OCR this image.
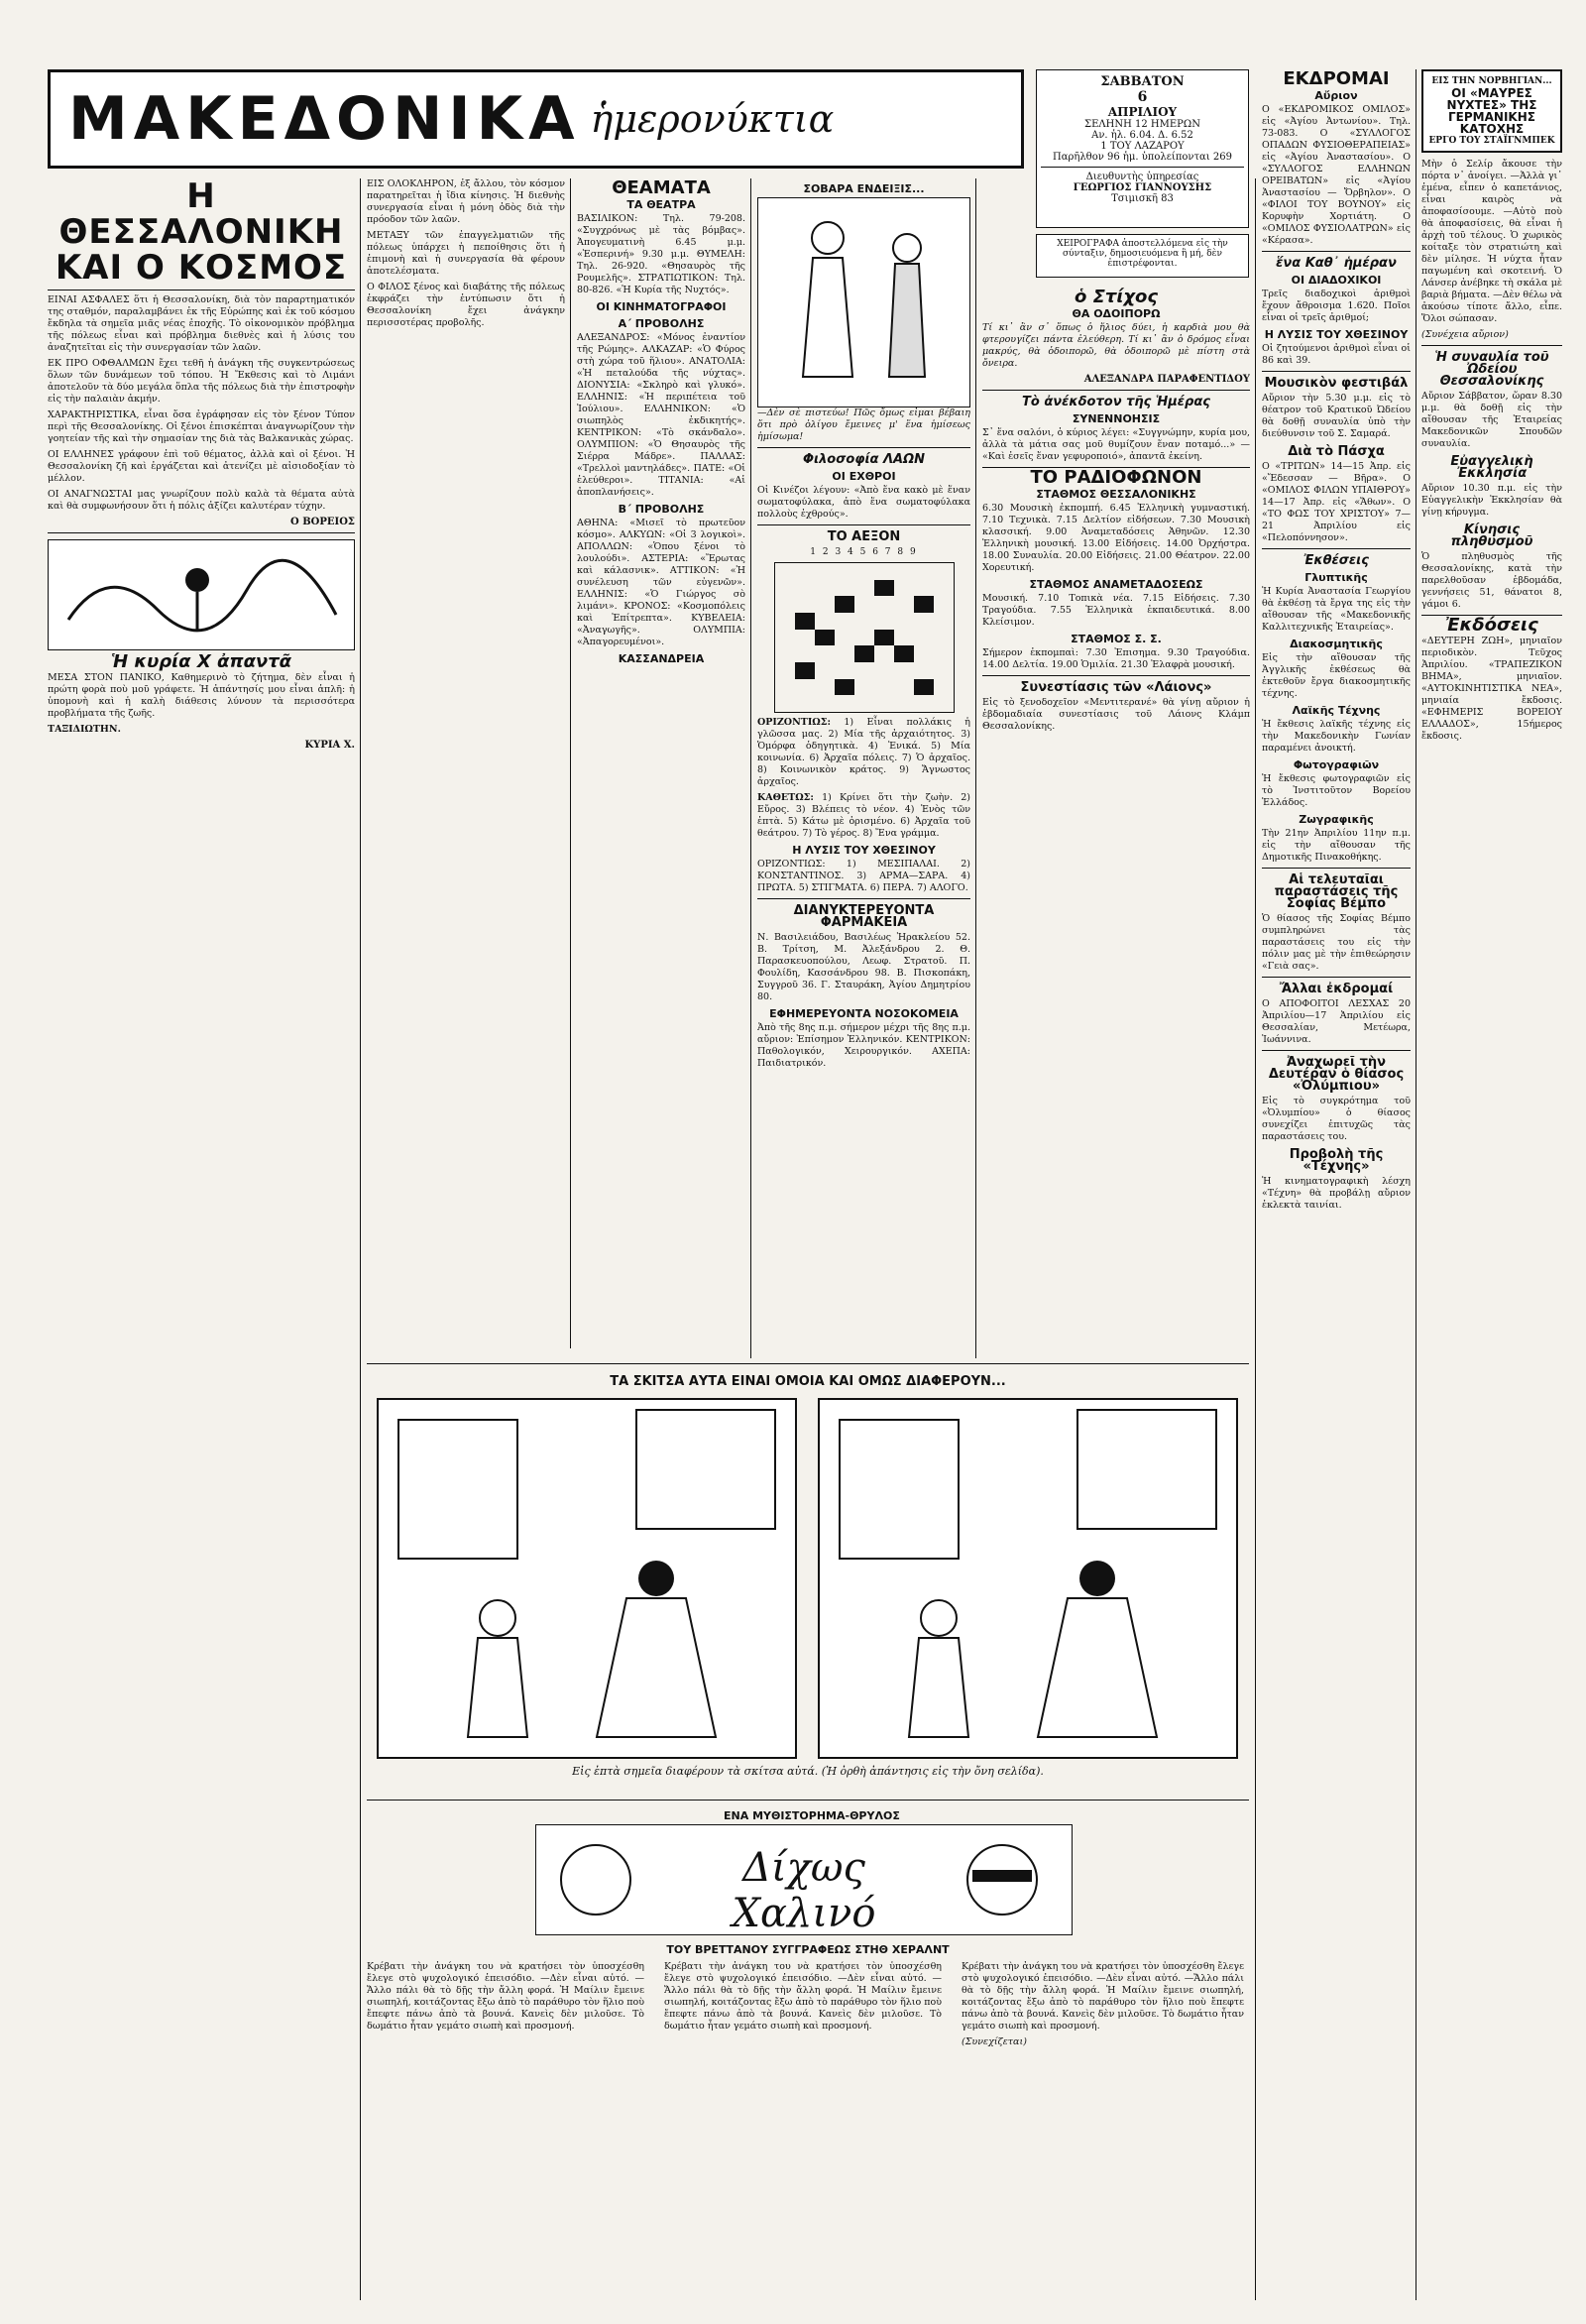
ΜΑΚΕΔΟΝΙΚΑ ἡμερονύκτια
ΣΑΒΒΑΤΟΝ
6
ΑΠΡΙΛΙΟΥ
ΣΕΛΗΝΗ 12 ΗΜΕΡΩΝ
Αν. ἡλ. 6.04. Δ. 6.52
1 ΤΟΥ ΛΑΖΑΡΟΥ
Παρῆλθον 96 ἡμ. ὑπολείπονται 269
Διευθυντὴς ὑπηρεσίας
ΓΕΩΡΓΙΟΣ ΓΙΑΝΝΟΥΣΗΣ
Τσιμισκῆ 83
ΧΕΙΡΟΓΡΑΦΑ ἀποστελλόμενα εἰς τὴν σύνταξιν, δημοσιευόμενα ἢ μή, δὲν ἐπιστρέφονται.
Η ΘΕΣΣΑΛΟΝΙΚΗ ΚΑΙ Ο ΚΟΣΜΟΣ

ΕΙΝΑΙ ΑΣΦΑΛΕΣ ὅτι ἡ Θεσσαλονίκη, διὰ τὸν παραρτηματικόν της σταθμόν, παραλαμβάνει ἐκ τῆς Εὐρώπης καὶ ἐκ τοῦ κόσμου ἔκδηλα τὰ σημεῖα μιᾶς νέας ἐποχῆς. Τὸ οἰκονομικὸν πρόβλημα τῆς πόλεως εἶναι καὶ πρόβλημα διεθνὲς καὶ ἡ λύσις του ἀναζητεῖται εἰς τὴν συνεργασίαν τῶν λαῶν.

ΕΚ ΠΡΟ ΟΦΘΑΛΜΩΝ ἔχει τεθῆ ἡ ἀνάγκη τῆς συγκεντρώσεως ὅλων τῶν δυνάμεων τοῦ τόπου. Ἡ Ἔκθεσις καὶ τὸ Λιμάνι ἀποτελοῦν τὰ δύο μεγάλα ὅπλα τῆς πόλεως διὰ τὴν ἐπιστροφὴν εἰς τὴν παλαιὰν ἀκμήν.

ΧΑΡΑΚΤΗΡΙΣΤΙΚΑ, εἶναι ὅσα ἐγράφησαν εἰς τὸν ξένον Τύπον περὶ τῆς Θεσσαλονίκης. Οἱ ξένοι ἐπισκέπται ἀναγνωρίζουν τὴν γοητείαν τῆς καὶ τὴν σημασίαν της διὰ τὰς Βαλκανικὰς χώρας.

ΟΙ ΕΛΛΗΝΕΣ γράφουν ἐπὶ τοῦ θέματος, ἀλλὰ καὶ οἱ ξένοι. Ἡ Θεσσαλονίκη ζῆ καὶ ἐργάζεται καὶ ἀτενίζει μὲ αἰσιοδοξίαν τὸ μέλλον.

ΟΙ ΑΝΑΓΝΩΣΤΑΙ μας γνωρίζουν πολὺ καλὰ τὰ θέματα αὐτὰ καὶ θὰ συμφωνήσουν ὅτι ἡ πόλις ἀξίζει καλυτέραν τύχην.

Ο ΒΟΡΕΙΟΣ
Ἡ κυρία Χ ἀπαντᾶ

ΜΕΣΑ ΣΤΟΝ ΠΑΝΙΚΟ, Καθημερινὸ τὸ ζήτημα, δὲν εἶναι ἡ πρώτη φορὰ ποὺ μοῦ γράφετε. Ἡ ἀπάντησίς μου εἶναι ἁπλῆ: ἡ ὑπομονὴ καὶ ἡ καλὴ διάθεσις λύνουν τὰ περισσότερα προβλήματα τῆς ζωῆς.

ΤΑΞΙΔΙΩΤΗΝ.

ΚΥΡΙΑ Χ.

ΕΙΣ ΟΛΟΚΛΗΡΟΝ, ἐξ ἄλλου, τὸν κόσμον παρατηρεῖται ἡ ἴδια κίνησις. Ἡ διεθνὴς συνεργασία εἶναι ἡ μόνη ὁδὸς διὰ τὴν πρόοδον τῶν λαῶν.

ΜΕΤΑΞΥ τῶν ἐπαγγελματιῶν τῆς πόλεως ὑπάρχει ἡ πεποίθησις ὅτι ἡ ἐπιμονὴ καὶ ἡ συνεργασία θὰ φέρουν ἀποτελέσματα.

Ο ΦΙΛΟΣ ξένος καὶ διαβάτης τῆς πόλεως ἐκφράζει τὴν ἐντύπωσιν ὅτι ἡ Θεσσαλονίκη ἔχει ἀνάγκην περισσοτέρας προβολῆς.

ΘΕΑΜΑΤΑ
ΤΑ ΘΕΑΤΡΑ

ΒΑΣΙΛΙΚΟΝ: Τηλ. 79-208. «Συγχρόνως μὲ τὰς βόμβας». Ἀπογευματινὴ 6.45 μ.μ. «Ἑσπερινή» 9.30 μ.μ. ΘΥΜΕΛΗ: Τηλ. 26-920. «Θησαυρὸς τῆς Ρουμελῆς». ΣΤΡΑΤΙΩΤΙΚΟΝ: Τηλ. 80-826. «Ἡ Κυρία τῆς Νυχτός».

ΟΙ ΚΙΝΗΜΑΤΟΓΡΑΦΟΙ
Α΄ ΠΡΟΒΟΛΗΣ

ΑΛΕΞΑΝΔΡΟΣ: «Μόνος ἐναντίον τῆς Ρώμης». ΑΛΚΑΖΑΡ: «Ὁ Φύρος στὴ χώρα τοῦ ἥλιου». ΑΝΑΤΟΛΙΑ: «Ἡ πεταλούδα τῆς νύχτας». ΔΙΟΝΥΣΙΑ: «Σκληρὸ καὶ γλυκό». ΕΛΛΗΝΙΣ: «Ἡ περιπέτεια τοῦ Ἰούλιου». ΕΛΛΗΝΙΚΟΝ: «Ὁ σιωπηλὸς ἐκδικητής». ΚΕΝΤΡΙΚΟΝ: «Τὸ σκάνδαλο». ΟΛΥΜΠΙΟΝ: «Ὁ Θησαυρὸς τῆς Σιέρρα Μάδρε». ΠΑΛΛΑΣ: «Τρελλοὶ μαντηλάδες». ΠΑΤΕ: «Οἱ ἐλεύθεροι». ΤΙΤΑΝΙΑ: «Αἱ ἀποπλανήσεις».

Β΄ ΠΡΟΒΟΛΗΣ

ΑΘΗΝΑ: «Μισεῖ τὸ πρωτεῦον κόσμο». ΑΛΚΥΩΝ: «Οἱ 3 λογικοὶ». ΑΠΟΛΛΩΝ: «Ὁπου ξένοι τὸ λουλούδι». ΑΣΤΕΡΙΑ: «Ἔρωτας καὶ κάλασνικ». ΑΤΤΙΚΟΝ: «Ἡ συνέλευση τῶν εὐγενῶν». ΕΛΛΗΝΙΣ: «Ὁ Γιώργος σὸ λιμάνι». ΚΡΟΝΟΣ: «Κοσμοπόλεις καὶ Ἐπίτρεπτα». ΚΥΒΕΛΕΙΑ: «Ἀναγωγῆς». ΟΛΥΜΠΙΑ: «Ἀπαγορευμένοι».

ΚΑΣΣΑΝΔΡΕΙΑ
ΣΟΒΑΡΑ ΕΝΔΕΙΞΙΣ...

—Δὲν σὲ πιστεύω! Πῶς ὄμως εἶμαι βέβαιη ὅτι πρὸ ὀλίγου ἔμεινες μ' ἕνα ἡμίσεως ἡμίσωμα!

Φιλοσοφία ΛΑΩΝ
ΟΙ ΕΧΘΡΟΙ

Οἱ Κινέζοι λέγουν: «Ἀπὸ ἕνα κακὸ μὲ ἕναν σωματοφύλακα, ἀπὸ ἕνα σωματοφύλακα πολλοὺς ἐχθρούς».

ΤΟ ΑΕΞΟΝ
1 2 3 4 5 6 7 8 9

ΟΡΙΖΟΝΤΙΩΣ: 1) Εἶναι πολλάκις ἡ γλῶσσα μας. 2) Μία τῆς ἀρχαιότητος. 3) Ὁμόρφα ὁδηγητικὰ. 4) Ἐνικά. 5) Μία κοινωνία. 6) Ἀρχαῖα πόλεις. 7) Ὁ ἀρχαῖος. 8) Κοινωνικὸν κράτος. 9) Ἄγνωστος ἀρχαῖος.

ΚΑΘΕΤΩΣ: 1) Κρίνει ὅτι τὴν ζωὴν. 2) Εὔρος. 3) Βλέπεις τὸ νέον. 4) Ἑνὸς τῶν ἐπτὰ. 5) Κάτω μὲ ὁρισμένο. 6) Ἀρχαῖα τοῦ θεάτρου. 7) Τὸ γέρος. 8) Ἔνα γράμμα.

Η ΛΥΣΙΣ ΤΟΥ ΧΘΕΣΙΝΟΥ

ΟΡΙΖΟΝΤΙΩΣ: 1) ΜΕΣΙΠΑΛΑΙ. 2) ΚΟΝΣΤΑΝΤΙΝΟΣ. 3) ΑΡΜΑ—ΣΑΡΑ. 4) ΠΡΩΤΑ. 5) ΣΤΙΓΜΑΤΑ. 6) ΠΕΡΑ. 7) ΑΛΟΓΟ.

ΔΙΑΝΥΚΤΕΡΕΥΟΝΤΑ ΦΑΡΜΑΚΕΙΑ

Ν. Βασιλειάδου, Βασιλέως Ἡρακλείου 52. Β. Τρίτση, Μ. Ἀλεξάνδρου 2. Θ. Παρασκευοπούλου, Λεωφ. Στρατοῦ. Π. Φουλίδη, Κασσάνδρου 98. Β. Πισκοπάκη, Συγγροῦ 36. Γ. Σταυράκη, Ἀγίου Δημητρίου 80.

ΕΦΗΜΕΡΕΥΟΝΤΑ ΝΟΣΟΚΟΜΕΙΑ

Ἀπὸ τῆς 8ης π.μ. σήμερον μέχρι τῆς 8ης π.μ. αὔριον: Ἐπίσημον Ἑλληνικόν. ΚΕΝΤΡΙΚΟΝ: Παθολογικόν, Χειρουργικόν. ΑΧΕΠΑ: Παιδιατρικόν.

ὁ Στίχος
ΘΑ ΟΔΟΙΠΟΡΩ

Τί κι᾽ ἂν σ᾽ ὅπως ὁ ἥλιος δύει, ἡ καρδιὰ μου θὰ φτερουγίζει πάντα ἐλεύθερη. Τί κι᾽ ἂν ὁ δρόμος εἶναι μακρύς, θὰ ὁδοιπορῶ, θὰ ὁδοιπορῶ μὲ πίστη στὰ ὄνειρα.

ΑΛΕΞΑΝΔΡΑ ΠΑΡΑΦΕΝΤΙΔΟΥ
Τὸ ἀνέκδοτον τῆς Ἡμέρας
ΣΥΝΕΝΝΟΗΣΙΣ

Σ᾽ ἕνα σαλόνι, ὁ κύριος λέγει: «Συγγνώμην, κυρία μου, ἀλλὰ τὰ μάτια σας μοῦ θυμίζουν ἕναν ποταμό...» — «Καὶ ἐσεῖς ἕναν γεφυροποιό», ἀπαντᾶ ἐκείνη.

ΤΟ ΡΑΔΙΟΦΩΝΟΝ
ΣΤΑΘΜΟΣ ΘΕΣΣΑΛΟΝΙΚΗΣ

6.30 Μουσικὴ ἐκπομπή. 6.45 Ἑλληνικὴ γυμναστική. 7.10 Τεχνικὰ. 7.15 Δελτίον εἰδήσεων. 7.30 Μουσικὴ κλασσική. 9.00 Ἀναμεταδόσεις Ἀθηνῶν. 12.30 Ἑλληνικὴ μουσική. 13.00 Εἰδήσεις. 14.00 Ὀρχήστρα. 18.00 Συναυλία. 20.00 Εἰδήσεις. 21.00 Θέατρον. 22.00 Χορευτική.

ΣΤΑΘΜΟΣ ΑΝΑΜΕΤΑΔΟΣΕΩΣ

Μουσική. 7.10 Τοπικὰ νέα. 7.15 Εἰδήσεις. 7.30 Τραγούδια. 7.55 Ἑλληνικὰ ἐκπαιδευτικά. 8.00 Κλείσιμον.

ΣΤΑΘΜΟΣ Σ. Σ.

Σήμερον ἐκπομπαὶ: 7.30 Ἐπισημα. 9.30 Τραγούδια. 14.00 Δελτία. 19.00 Ὁμιλία. 21.30 Ἐλαφρὰ μουσική.

Συνεστίασις τῶν «Λάιονς»

Εἰς τὸ ξενοδοχεῖον «Μεντιτερανέ» θὰ γίνῃ αὔριον ἡ ἑβδομαδιαία συνεστίασις τοῦ Λάιονς Κλάμπ Θεσσαλονίκης.

ΕΚΔΡΟΜΑΙ
Αὔριον

Ο «ΕΚΔΡΟΜΙΚΟΣ ΟΜΙΛΟΣ» εἰς «Ἀγίου Ἀντωνίου». Τηλ. 73-083. Ο «ΣΥΛΛΟΓΟΣ ΟΠΑΔΩΝ ΦΥΣΙΟΘΕΡΑΠΕΙΑΣ» εἰς «Ἀγίου Ἀναστασίου». Ο «ΣΥΛΛΟΓΟΣ ΕΛΛΗΝΩΝ ΟΡΕΙΒΑΤΩΝ» εἰς «Ἀγίου Ἀναστασίου — Ὄρβηλον». Ο «ΦΙΛΟΙ ΤΟΥ ΒΟΥΝΟΥ» εἰς Κορυφὴν Χορτιάτη. Ο «ΟΜΙΛΟΣ ΦΥΣΙΟΛΑΤΡΩΝ» εἰς «Κέρασα».

ἕνα Καθ᾽ ἡμέραν
ΟΙ ΔΙΑΔΟΧΙΚΟΙ

Τρεῖς διαδοχικοὶ ἀριθμοὶ ἔχουν ἄθροισμα 1.620. Ποῖοι εἶναι οἱ τρεῖς ἀριθμοί;

Η ΛΥΣΙΣ ΤΟΥ ΧΘΕΣΙΝΟΥ

Οἱ ζητούμενοι ἀριθμοὶ εἶναι οἱ 86 καὶ 39.

Μουσικὸν φεστιβάλ

Αὔριον τὴν 5.30 μ.μ. εἰς τὸ θέατρον τοῦ Κρατικοῦ Ὠδείου θὰ δοθῇ συναυλία ὑπὸ τὴν διεύθυνσιν τοῦ Σ. Σαμαρά.

Διὰ τὸ Πάσχα

Ο «ΤΡΙΤΩΝ» 14—15 Ἀπρ. εἰς «Ἔδεσσαν — Βῆρα». Ο «ΟΜΙΛΟΣ ΦΙΛΩΝ ΥΠΑΙΘΡΟΥ» 14—17 Ἀπρ. εἰς «Ἄθων». Ο «ΤΟ ΦΩΣ ΤΟΥ ΧΡΙΣΤΟΥ» 7—21 Ἀπριλίου εἰς «Πελοπόννησον».

Ἐκθέσεις
Γλυπτικῆς

Ἡ Κυρία Ἀναστασία Γεωργίου θὰ ἐκθέσῃ τὰ ἔργα της εἰς τὴν αἴθουσαν τῆς «Μακεδονικῆς Καλλιτεχνικῆς Ἑταιρείας».

Διακοσμητικῆς

Εἰς τὴν αἴθουσαν τῆς Ἀγγλικῆς ἐκθέσεως θὰ ἐκτεθοῦν ἔργα διακοσμητικῆς τέχνης.

Λαϊκῆς Τέχνης

Ἡ ἔκθεσις λαϊκῆς τέχνης εἰς τὴν Μακεδονικὴν Γωνίαν παραμένει ἀνοικτή.

Φωτογραφιῶν

Ἡ ἔκθεσις φωτογραφιῶν εἰς τὸ Ἰνστιτοῦτον Βορείου Ἑλλάδος.

Ζωγραφικῆς

Τὴν 21ην Ἀπριλίου 11ην π.μ. εἰς τὴν αἴθουσαν τῆς Δημοτικῆς Πινακοθήκης.

Αἱ τελευταῖαι παραστάσεις τῆς Σοφίας Βέμπο

Ὁ θίασος τῆς Σοφίας Βέμπο συμπληρώνει τὰς παραστάσεις του εἰς τὴν πόλιν μας μὲ τὴν ἐπιθεώρησιν «Γειὰ σας».

Ἄλλαι ἐκδρομαί

Ο ΑΠΟΦΟΙΤΟΙ ΛΕΣΧΑΣ 20 Ἀπριλίου—17 Ἀπριλίου εἰς Θεσσαλίαν, Μετέωρα, Ἰωάννινα.

Ἀναχωρεῖ τὴν Δευτέραν ὁ θίασος «Ὀλύμπιου»

Εἰς τὸ συγκρότημα τοῦ «Ὀλυμπίου» ὁ θίασος συνεχίζει ἐπιτυχῶς τὰς παραστάσεις του.

Προβολὴ τῆς «Τέχνης»

Ἡ κινηματογραφικὴ λέσχη «Τέχνη» θὰ προβάλῃ αὔριον ἐκλεκτὰ ταινίαι.

ΕΙΣ ΤΗΝ ΝΟΡΒΗΓΙΑΝ...
ΟΙ «ΜΑΥΡΕΣ ΝΥΧΤΕΣ» ΤΗΣ ΓΕΡΜΑΝΙΚΗΣ ΚΑΤΟΧΗΣ
ΕΡΓΟ ΤΟΥ ΣΤΑΪΓΝΜΠΕΚ

Μὴν ὁ Σελίρ ἄκουσε τὴν πόρτα ν᾽ ἀνοίγει. —Ἀλλὰ γι᾽ ἐμένα, εἶπεν ὁ καπετάνιος, εἶναι καιρὸς νὰ ἀποφασίσουμε. —Αὐτὸ ποὺ θὰ ἀποφασίσεις, θὰ εἶναι ἡ ἀρχὴ τοῦ τέλους. Ὁ χωρικὸς κοίταξε τὸν στρατιώτη καὶ δὲν μίλησε. Ἡ νύχτα ἦταν παγωμένη καὶ σκοτεινή. Ὁ Λάνσερ ἀνέβηκε τὴ σκάλα μὲ βαριὰ βήματα. —Δὲν θέλω νὰ ἀκούσω τίποτε ἄλλο, εἶπε. Ὅλοι σώπασαν.

(Συνέχεια αὔριον)

Ἡ συναυλία τοῦ Ὠδείου Θεσσαλονίκης

Αὔριον Σάββατον, ὥραν 8.30 μ.μ. θὰ δοθῇ εἰς τὴν αἴθουσαν τῆς Ἑταιρείας Μακεδονικῶν Σπουδῶν συναυλία.

Εὐαγγελικὴ Ἐκκλησία

Αὔριον 10.30 π.μ. εἰς τὴν Εὐαγγελικὴν Ἐκκλησίαν θὰ γίνῃ κήρυγμα.

Κίνησις πληθυσμοῦ

Ὁ πληθυσμὸς τῆς Θεσσαλονίκης, κατὰ τὴν παρελθοῦσαν ἑβδομάδα, γεννήσεις 51, θάνατοι 8, γάμοι 6.

Ἐκδόσεις

«ΔΕΥΤΕΡΗ ΖΩΗ», μηνιαῖον περιοδικὸν. Τεῦχος Ἀπριλίου. «ΤΡΑΠΕΖΙΚΟΝ ΒΗΜΑ», μηνιαῖον. «ΑΥΤΟΚΙΝΗΤΙΣΤΙΚΑ ΝΕΑ», μηνιαία ἔκδοσις. «ΕΦΗΜΕΡΙΣ ΒΟΡΕΙΟΥ ΕΛΛΑΔΟΣ», 15ήμερος ἔκδοσις.

ΤΑ ΣΚΙΤΣΑ ΑΥΤΑ ΕΙΝΑΙ ΟΜΟΙΑ ΚΑΙ ΟΜΩΣ ΔΙΑΦΕΡΟΥΝ...
Εἰς ἑπτὰ σημεῖα διαφέρουν τὰ σκίτσα αὐτά. (Ἡ ὀρθὴ ἀπάντησις εἰς τὴν ὄνη σελίδα).
ΕΝΑ ΜΥΘΙΣΤΟΡΗΜΑ-ΘΡΥΛΟΣ
Δίχως Χαλινό
ΤΟΥ ΒΡΕΤΤΑΝΟΥ ΣΥΓΓΡΑΦΕΩΣ ΣΤΗΘ ΧΕΡΑΛΝΤ

Κρέβατι τὴν ἀνάγκη του νὰ κρατήσει τὸν ὑποσχέσθη ἔλεγε στὸ ψυχολογικό ἐπεισόδιο. —Δὲν εἶναι αὐτό. —Ἄλλο πάλι θὰ τὸ δῇς τὴν ἄλλη φορά. Ἡ Μαίλιν ἔμεινε σιωπηλή, κοιτάζοντας ἔξω ἀπὸ τὸ παράθυρο τὸν ἥλιο ποὺ ἔπεφτε πάνω ἀπὸ τὰ βουνά. Κανεὶς δὲν μιλοῦσε. Τὸ δωμάτιο ἦταν γεμάτο σιωπὴ καὶ προσμονή.

Κρέβατι τὴν ἀνάγκη του νὰ κρατήσει τὸν ὑποσχέσθη ἔλεγε στὸ ψυχολογικό ἐπεισόδιο. —Δὲν εἶναι αὐτό. —Ἄλλο πάλι θὰ τὸ δῇς τὴν ἄλλη φορά. Ἡ Μαίλιν ἔμεινε σιωπηλή, κοιτάζοντας ἔξω ἀπὸ τὸ παράθυρο τὸν ἥλιο ποὺ ἔπεφτε πάνω ἀπὸ τὰ βουνά. Κανεὶς δὲν μιλοῦσε. Τὸ δωμάτιο ἦταν γεμάτο σιωπὴ καὶ προσμονή.

Κρέβατι τὴν ἀνάγκη του νὰ κρατήσει τὸν ὑποσχέσθη ἔλεγε στὸ ψυχολογικό ἐπεισόδιο. —Δὲν εἶναι αὐτό. —Ἄλλο πάλι θὰ τὸ δῇς τὴν ἄλλη φορά. Ἡ Μαίλιν ἔμεινε σιωπηλή, κοιτάζοντας ἔξω ἀπὸ τὸ παράθυρο τὸν ἥλιο ποὺ ἔπεφτε πάνω ἀπὸ τὰ βουνά. Κανεὶς δὲν μιλοῦσε. Τὸ δωμάτιο ἦταν γεμάτο σιωπὴ καὶ προσμονή.

(Συνεχίζεται)
